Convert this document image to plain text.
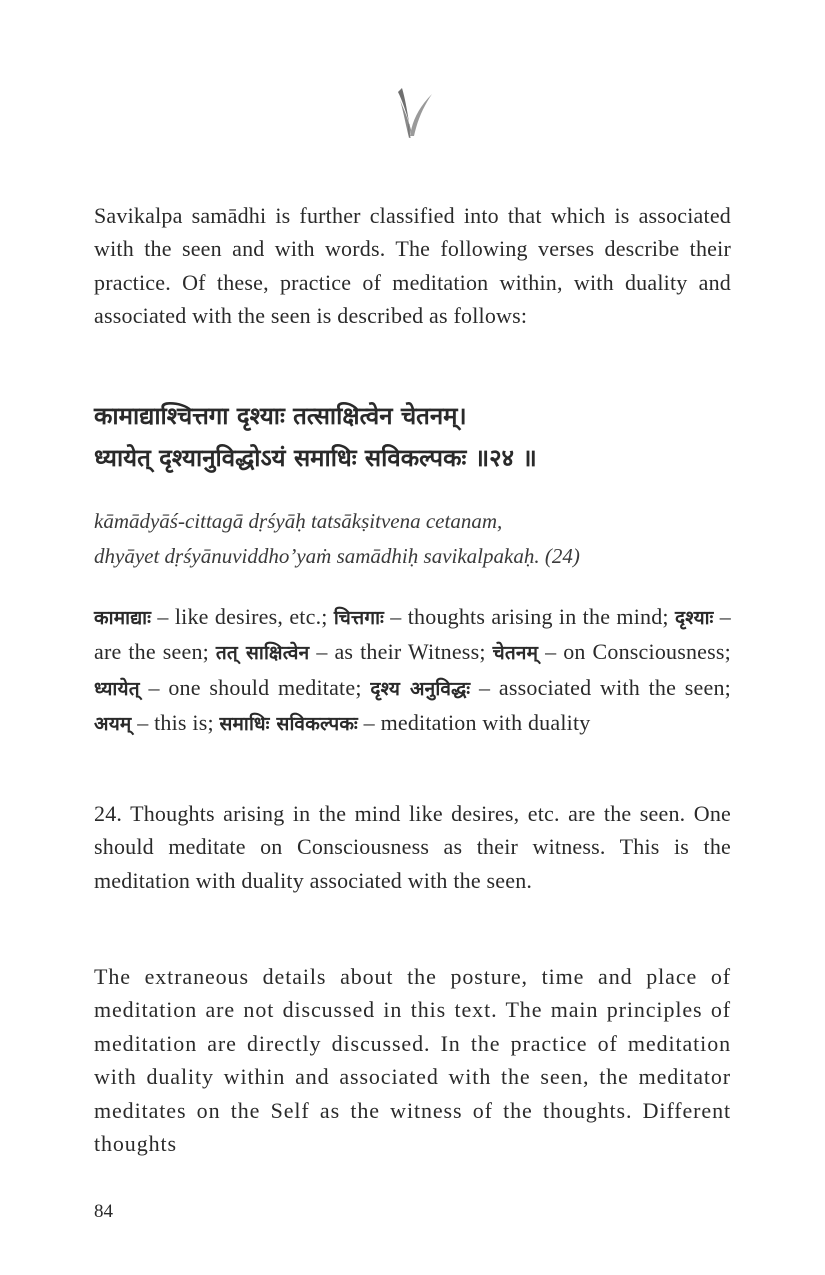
Savikalpa samādhi is further classified into that which is associated with the seen and with words. The following verses describe their practice. Of these, practice of meditation within, with duality and associated with the seen is described as follows:

कामाद्याश्चित्तगा दृश्याः तत्साक्षित्वेन चेतनम्।
ध्यायेत् दृश्यानुविद्धोऽयं समाधिः सविकल्पकः ॥२४ ॥
kāmādyāś-cittagā dṛśyāḥ tatsākṣitvena cetanam,
dhyāyet dṛśyānuviddho’yaṁ samādhiḥ savikalpakaḥ. (24)

कामाद्याः – like desires, etc.; चित्तगाः – thoughts arising in the mind; दृश्याः – are the seen; तत् साक्षित्वेन – as their Witness; चेतनम् – on Consciousness; ध्यायेत् – one should meditate; दृश्य अनुविद्धः – associated with the seen; अयम् – this is; समाधिः सविकल्पकः – meditation with duality

24. Thoughts arising in the mind like desires, etc. are the seen. One should meditate on Consciousness as their witness. This is the meditation with duality associated with the seen.

The extraneous details about the posture, time and place of meditation are not discussed in this text. The main principles of meditation are directly discussed. In the practice of meditation with duality within and associated with the seen, the meditator meditates on the Self as the witness of the thoughts. Different thoughts

84
